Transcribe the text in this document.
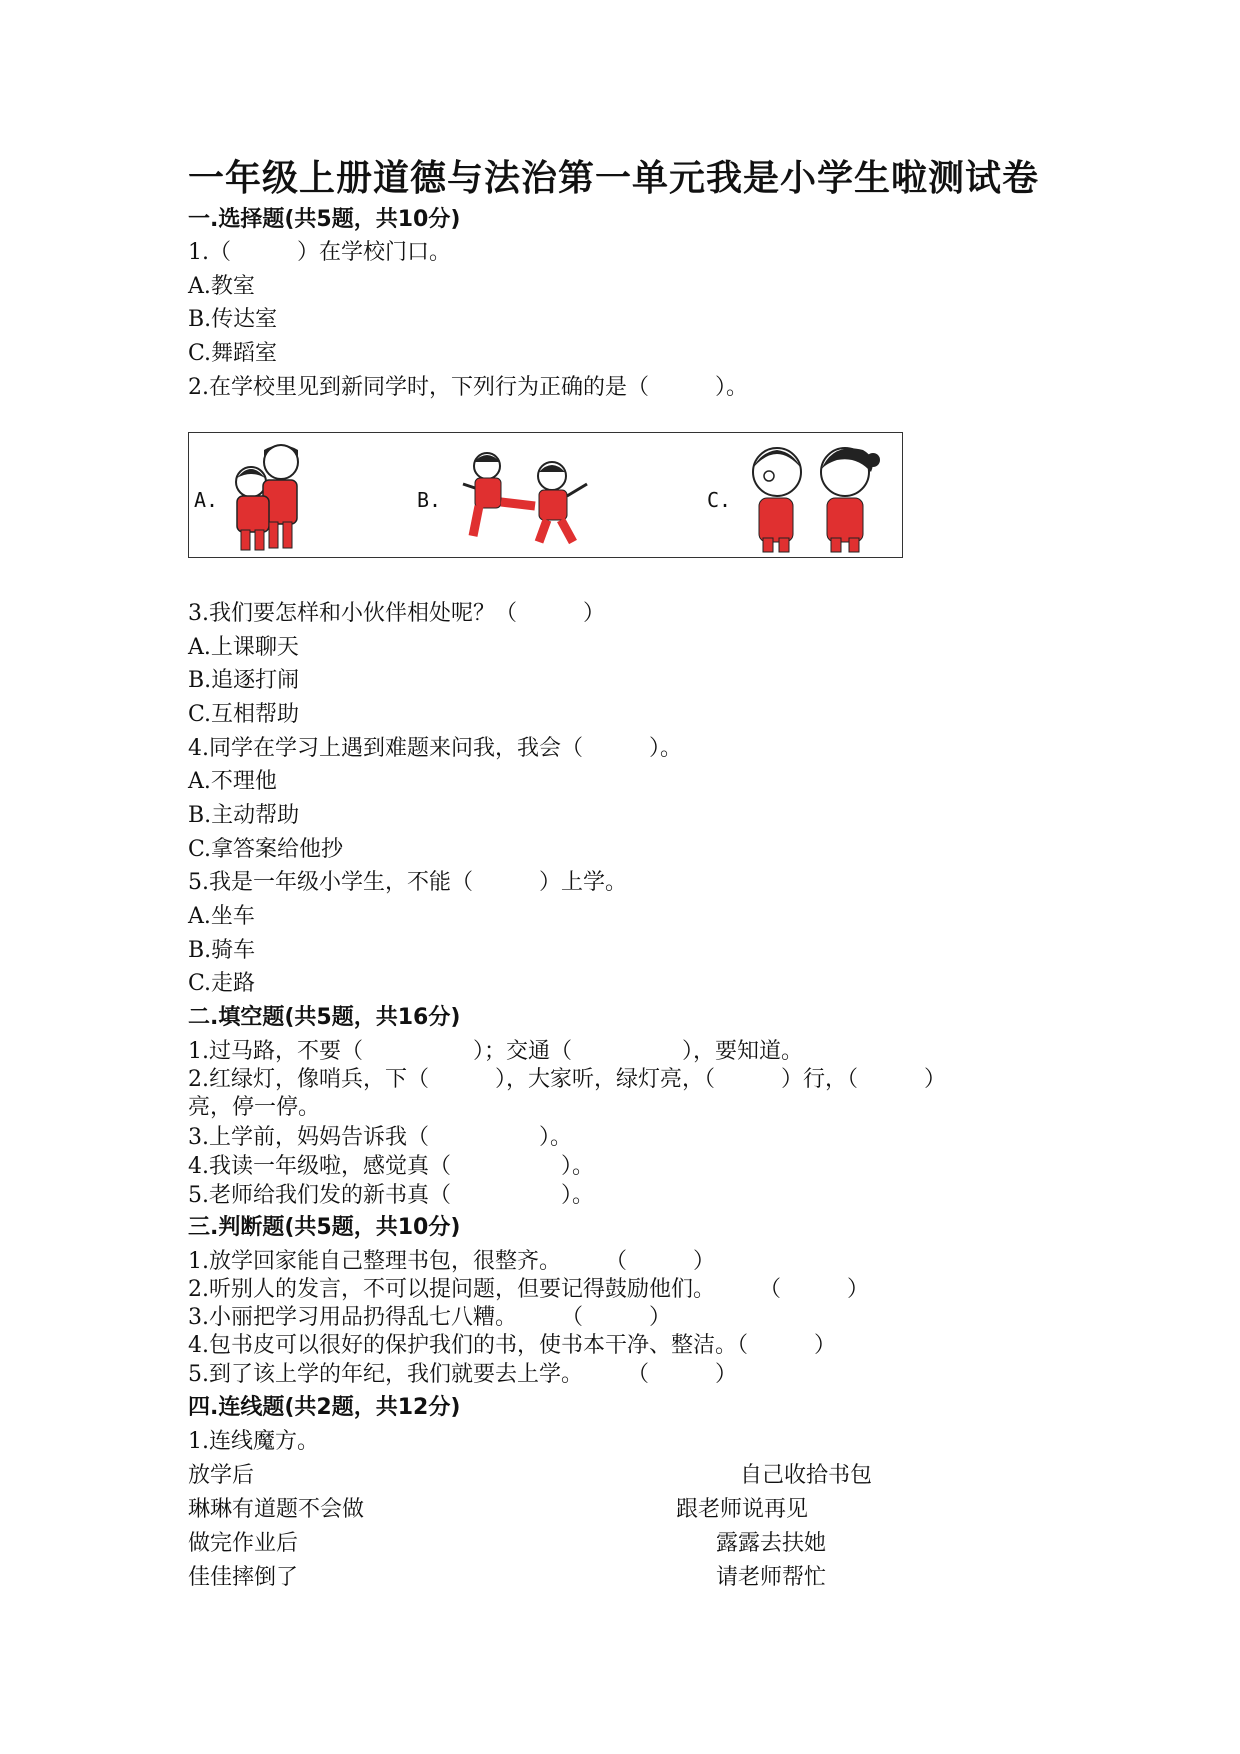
一年级上册道德与法治第一单元我是小学生啦测试卷
一.选择题(共5题，共10分)
1.（　　　）在学校门口。
A.教室
B.传达室
C.舞蹈室
2.在学校里见到新同学时，下列行为正确的是（　　　）。
A.	B.	C.
3.我们要怎样和小伙伴相处呢？（　　　）
A.上课聊天
B.追逐打闹
C.互相帮助
4.同学在学习上遇到难题来问我，我会（　　　）。
A.不理他
B.主动帮助
C.拿答案给他抄
5.我是一年级小学生，不能（　　　）上学。
A.坐车
B.骑车
C.走路
二.填空题(共5题，共16分)
1.过马路，不要（　　　　　）；交通（　　　　　），要知道。
2.红绿灯，像哨兵，下（　　　），大家听，绿灯亮，（　　　）行，（　　　）
亮，停一停。
3.上学前，妈妈告诉我（　　　　　）。
4.我读一年级啦，感觉真（　　　　　）。
5.老师给我们发的新书真（　　　　　）。
三.判断题(共5题，共10分)
1.放学回家能自己整理书包，很整齐。　　　（　　　）
2.听别人的发言，不可以提问题，但要记得鼓励他们。　　　（　　　）
3.小丽把学习用品扔得乱七八糟。　　　（　　　）
4.包书皮可以很好的保护我们的书，使书本干净、整洁。（　　　）
5.到了该上学的年纪，我们就要去上学。　　　（　　　）
四.连线题(共2题，共12分)
1.连线魔方。
放学后
琳琳有道题不会做
做完作业后
佳佳摔倒了
自己收拾书包
跟老师说再见
露露去扶她
请老师帮忙
